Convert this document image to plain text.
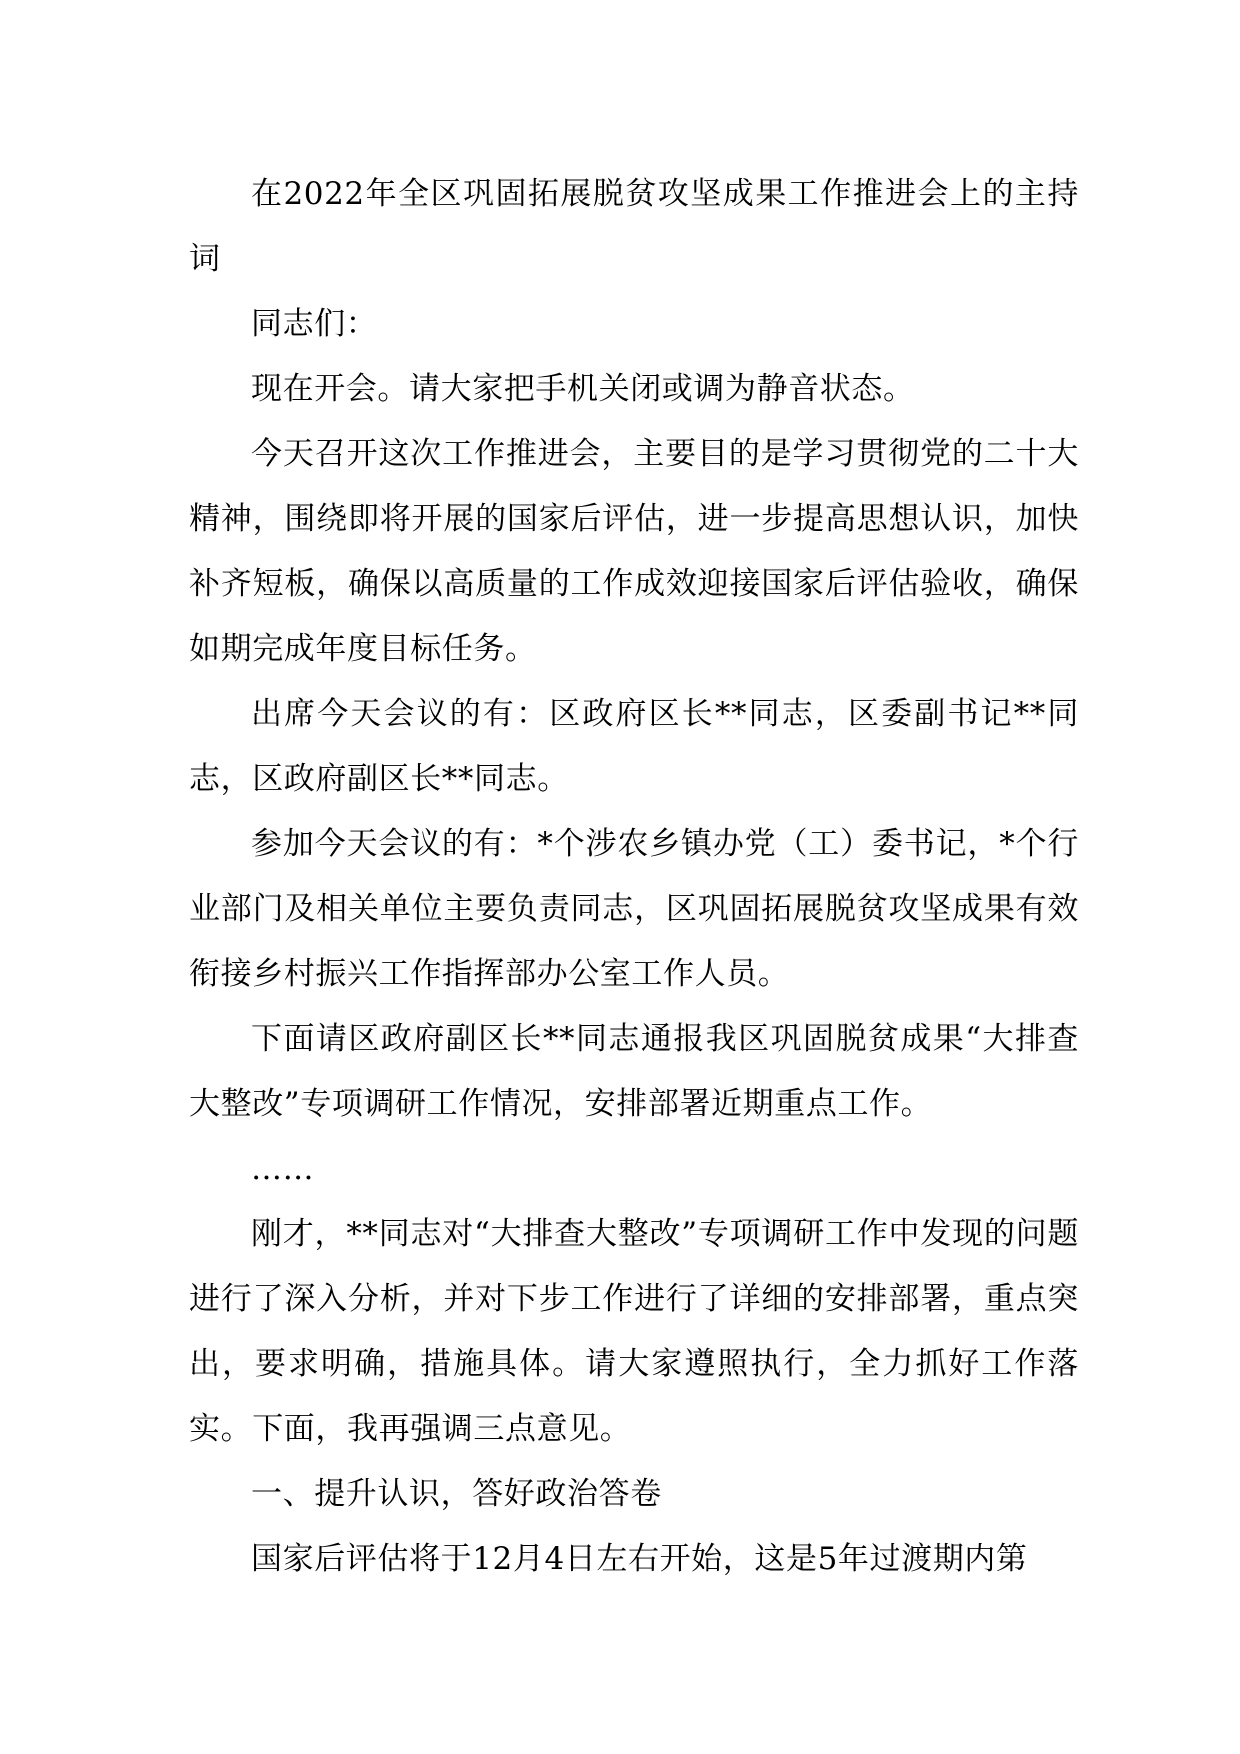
在2022年全区巩固拓展脱贫攻坚成果工作推进会上的主持词

同志们：

现在开会。请大家把手机关闭或调为静音状态。

今天召开这次工作推进会，主要目的是学习贯彻党的二十大精神，围绕即将开展的国家后评估，进一步提高思想认识，加快补齐短板，确保以高质量的工作成效迎接国家后评估验收，确保如期完成年度目标任务。

出席今天会议的有：区政府区长**同志，区委副书记**同志，区政府副区长**同志。

参加今天会议的有：*个涉农乡镇办党（工）委书记，*个行业部门及相关单位主要负责同志，区巩固拓展脱贫攻坚成果有效衔接乡村振兴工作指挥部办公室工作人员。

下面请区政府副区长**同志通报我区巩固脱贫成果“大排查大整改”专项调研工作情况，安排部署近期重点工作。

……

刚才，**同志对“大排查大整改”专项调研工作中发现的问题进行了深入分析，并对下步工作进行了详细的安排部署，重点突出，要求明确，措施具体。请大家遵照执行，全力抓好工作落实。下面，我再强调三点意见。

一、提升认识，答好政治答卷

国家后评估将于12月4日左右开始，这是5年过渡期内第
